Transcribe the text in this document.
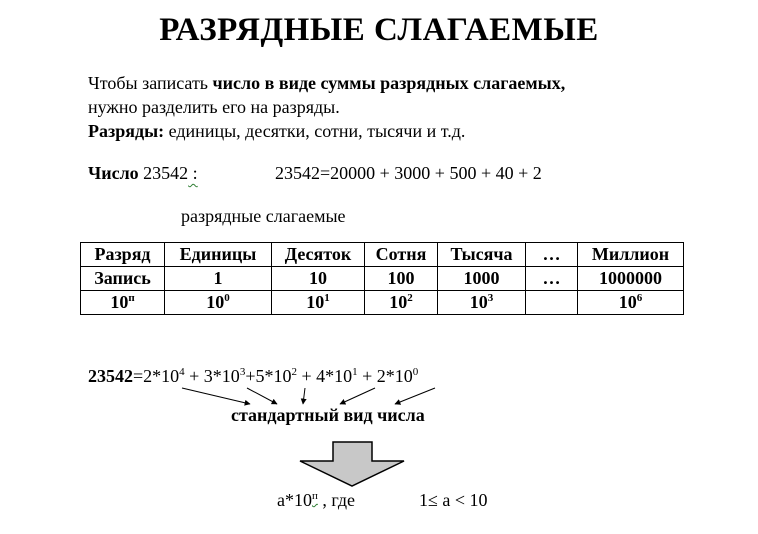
РАЗРЯДНЫЕ СЛАГАЕМЫЕ
Чтобы записать число в виде суммы разрядных слагаемых,
нужно разделить его на разряды.
Разряды: единицы, десятки, сотни, тысячи и т.д.
Число 23542 :	23542=20000 + 3000 + 500 + 40 + 2
разрядные слагаемые
Разряд	Единицы	Десяток	Сотня	Тысяча	…	Миллион
Запись	1	10	100	1000	…	1000000
$10^п$	$10^0$	$10^1$	$10^2$	$10^3$		$10^6$
$23542=2*10^4 + 3*10^3+5*10^2 + 4*10^1 + 2*10^0$
стандартный вид числа
$a*10^п$ , где	1≤ a < 10
